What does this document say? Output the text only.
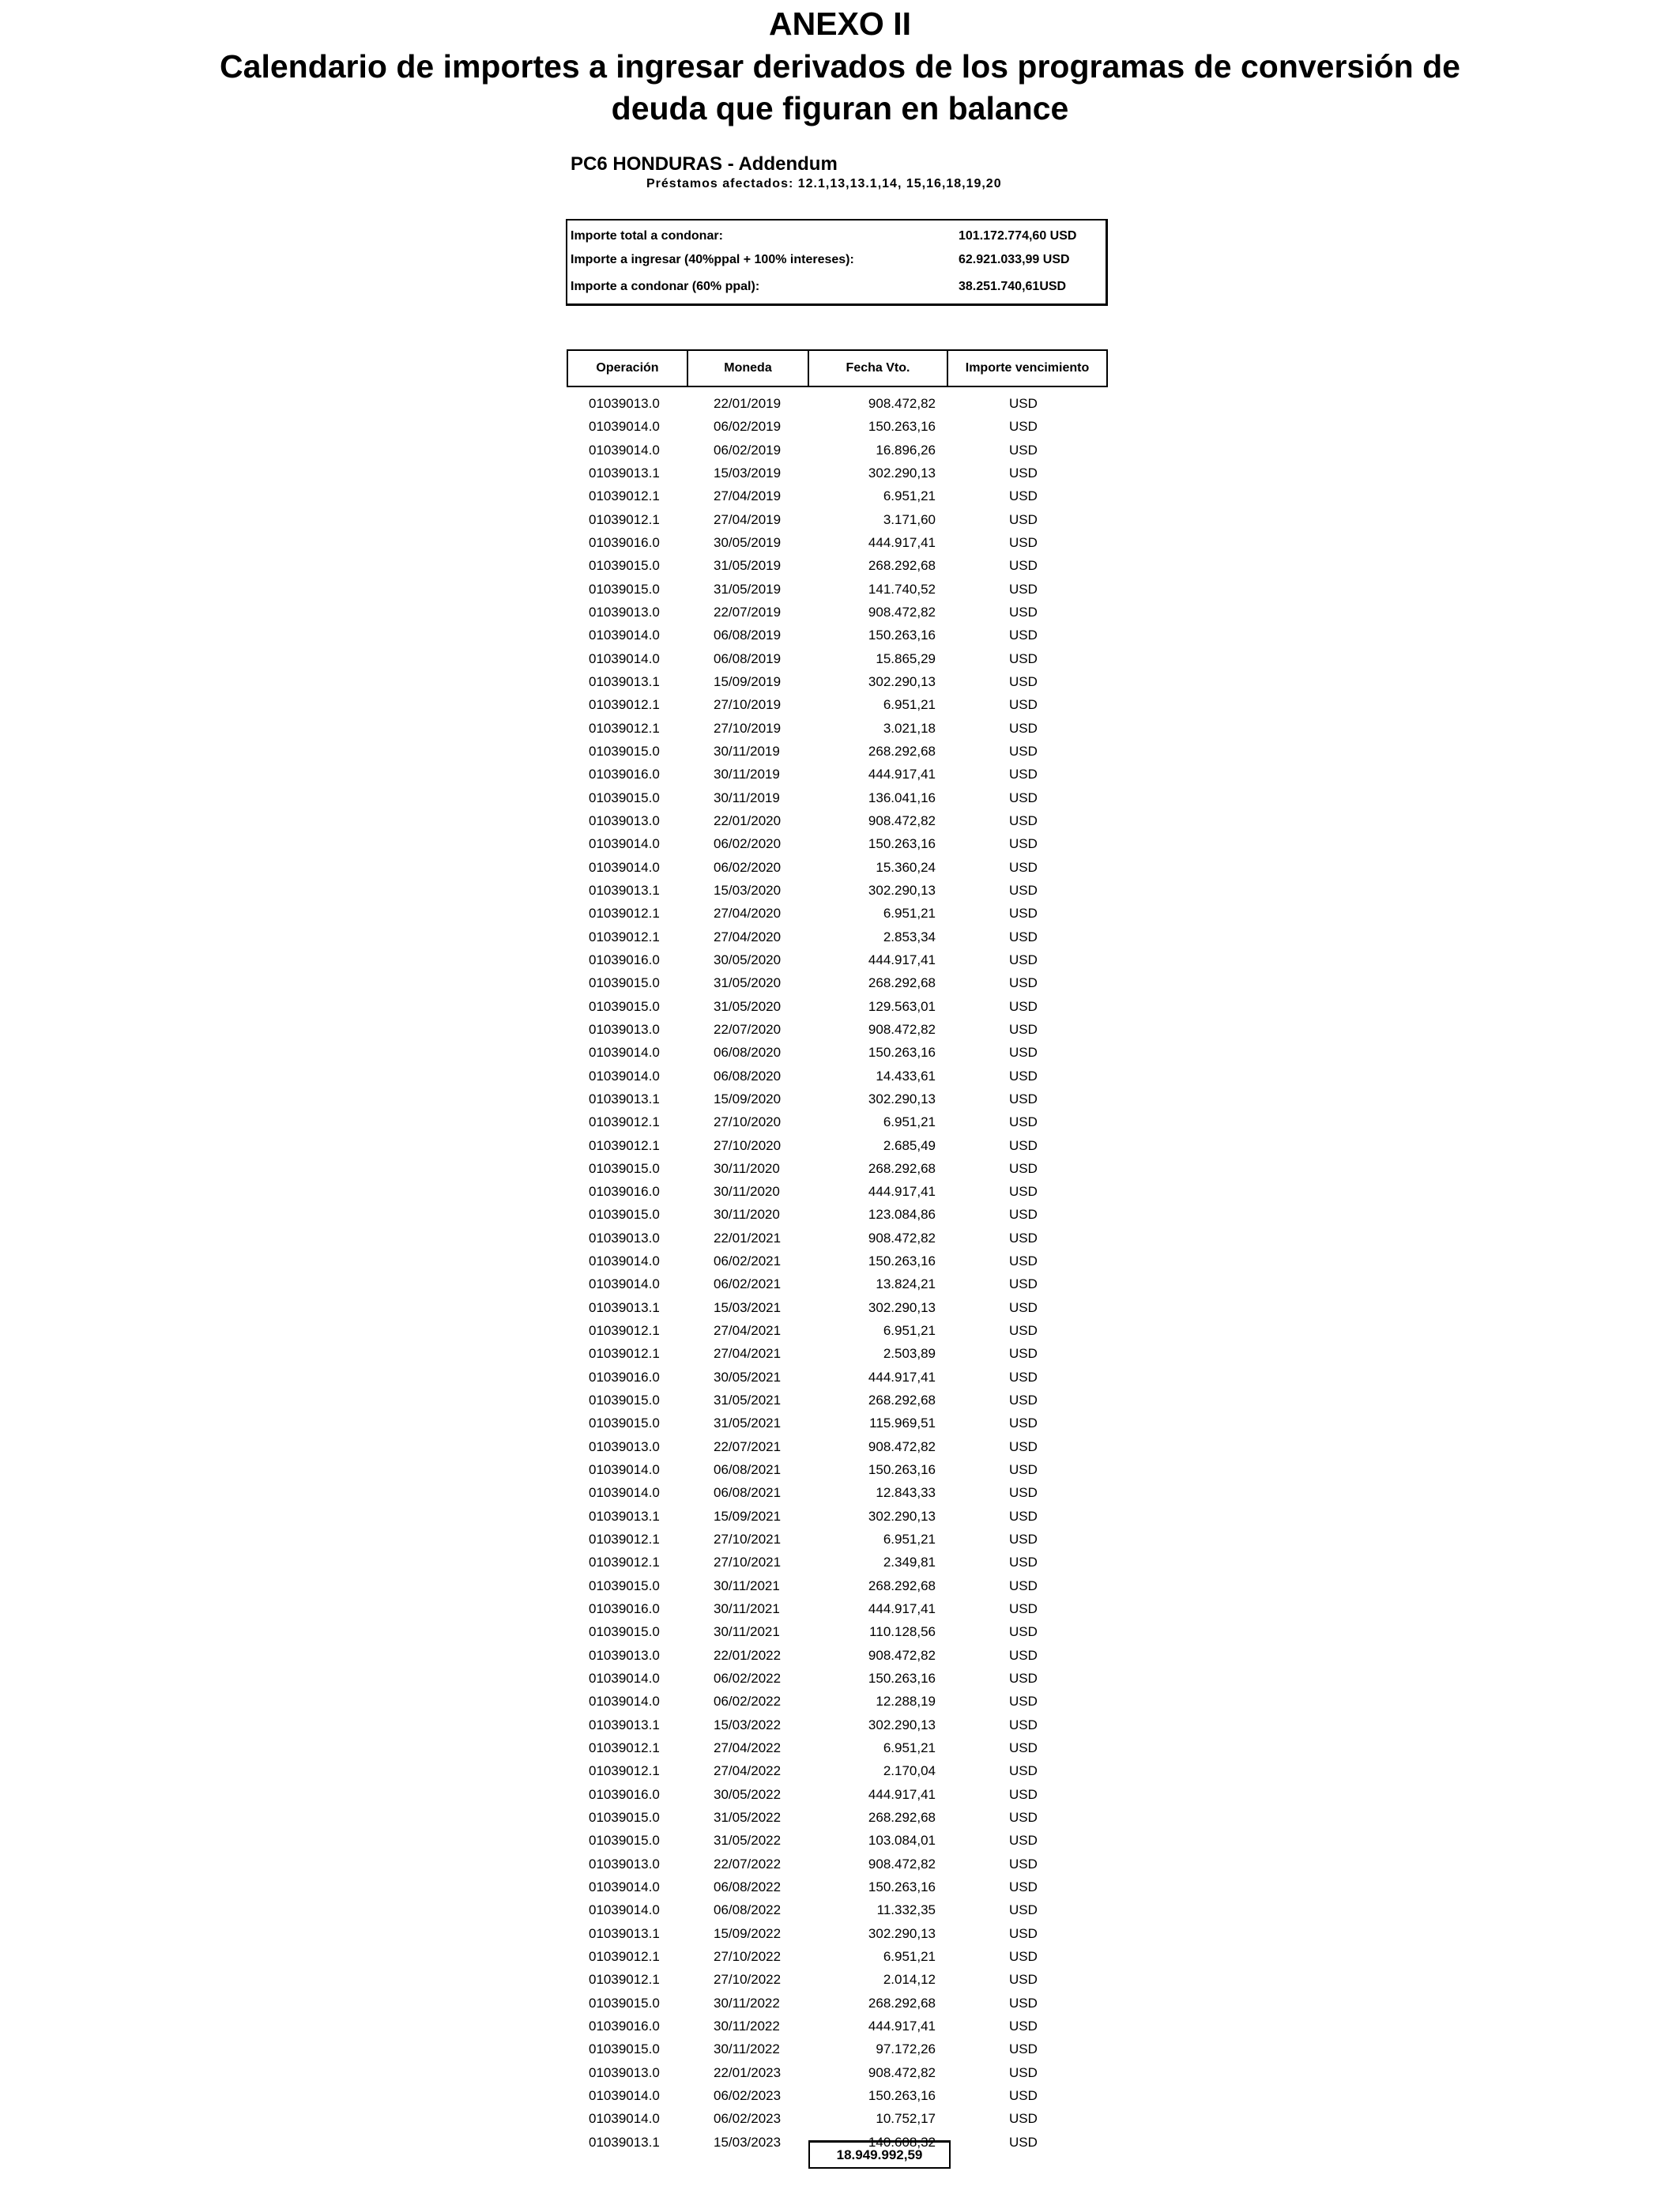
ANEXO II
Calendario de importes a ingresar derivados de los programas de conversión de
deuda que figuran en balance
PC6 HONDURAS - Addendum
Préstamos afectados: 12.1,13,13.1,14, 15,16,18,19,20
Importe total a condonar:	101.172.774,60 USD
Importe a ingresar (40%ppal + 100% intereses):	62.921.033,99 USD
Importe a condonar (60% ppal):	38.251.740,61USD
Operación	Moneda	Fecha Vto.	Importe vencimiento
01039013.0	22/01/2019	908.472,82	USD
01039014.0	06/02/2019	150.263,16	USD
01039014.0	06/02/2019	16.896,26	USD
01039013.1	15/03/2019	302.290,13	USD
01039012.1	27/04/2019	6.951,21	USD
01039012.1	27/04/2019	3.171,60	USD
01039016.0	30/05/2019	444.917,41	USD
01039015.0	31/05/2019	268.292,68	USD
01039015.0	31/05/2019	141.740,52	USD
01039013.0	22/07/2019	908.472,82	USD
01039014.0	06/08/2019	150.263,16	USD
01039014.0	06/08/2019	15.865,29	USD
01039013.1	15/09/2019	302.290,13	USD
01039012.1	27/10/2019	6.951,21	USD
01039012.1	27/10/2019	3.021,18	USD
01039015.0	30/11/2019	268.292,68	USD
01039016.0	30/11/2019	444.917,41	USD
01039015.0	30/11/2019	136.041,16	USD
01039013.0	22/01/2020	908.472,82	USD
01039014.0	06/02/2020	150.263,16	USD
01039014.0	06/02/2020	15.360,24	USD
01039013.1	15/03/2020	302.290,13	USD
01039012.1	27/04/2020	6.951,21	USD
01039012.1	27/04/2020	2.853,34	USD
01039016.0	30/05/2020	444.917,41	USD
01039015.0	31/05/2020	268.292,68	USD
01039015.0	31/05/2020	129.563,01	USD
01039013.0	22/07/2020	908.472,82	USD
01039014.0	06/08/2020	150.263,16	USD
01039014.0	06/08/2020	14.433,61	USD
01039013.1	15/09/2020	302.290,13	USD
01039012.1	27/10/2020	6.951,21	USD
01039012.1	27/10/2020	2.685,49	USD
01039015.0	30/11/2020	268.292,68	USD
01039016.0	30/11/2020	444.917,41	USD
01039015.0	30/11/2020	123.084,86	USD
01039013.0	22/01/2021	908.472,82	USD
01039014.0	06/02/2021	150.263,16	USD
01039014.0	06/02/2021	13.824,21	USD
01039013.1	15/03/2021	302.290,13	USD
01039012.1	27/04/2021	6.951,21	USD
01039012.1	27/04/2021	2.503,89	USD
01039016.0	30/05/2021	444.917,41	USD
01039015.0	31/05/2021	268.292,68	USD
01039015.0	31/05/2021	115.969,51	USD
01039013.0	22/07/2021	908.472,82	USD
01039014.0	06/08/2021	150.263,16	USD
01039014.0	06/08/2021	12.843,33	USD
01039013.1	15/09/2021	302.290,13	USD
01039012.1	27/10/2021	6.951,21	USD
01039012.1	27/10/2021	2.349,81	USD
01039015.0	30/11/2021	268.292,68	USD
01039016.0	30/11/2021	444.917,41	USD
01039015.0	30/11/2021	110.128,56	USD
01039013.0	22/01/2022	908.472,82	USD
01039014.0	06/02/2022	150.263,16	USD
01039014.0	06/02/2022	12.288,19	USD
01039013.1	15/03/2022	302.290,13	USD
01039012.1	27/04/2022	6.951,21	USD
01039012.1	27/04/2022	2.170,04	USD
01039016.0	30/05/2022	444.917,41	USD
01039015.0	31/05/2022	268.292,68	USD
01039015.0	31/05/2022	103.084,01	USD
01039013.0	22/07/2022	908.472,82	USD
01039014.0	06/08/2022	150.263,16	USD
01039014.0	06/08/2022	11.332,35	USD
01039013.1	15/09/2022	302.290,13	USD
01039012.1	27/10/2022	6.951,21	USD
01039012.1	27/10/2022	2.014,12	USD
01039015.0	30/11/2022	268.292,68	USD
01039016.0	30/11/2022	444.917,41	USD
01039015.0	30/11/2022	97.172,26	USD
01039013.0	22/01/2023	908.472,82	USD
01039014.0	06/02/2023	150.263,16	USD
01039014.0	06/02/2023	10.752,17	USD
01039013.1	15/03/2023	140.608,32	USD
18.949.992,59
